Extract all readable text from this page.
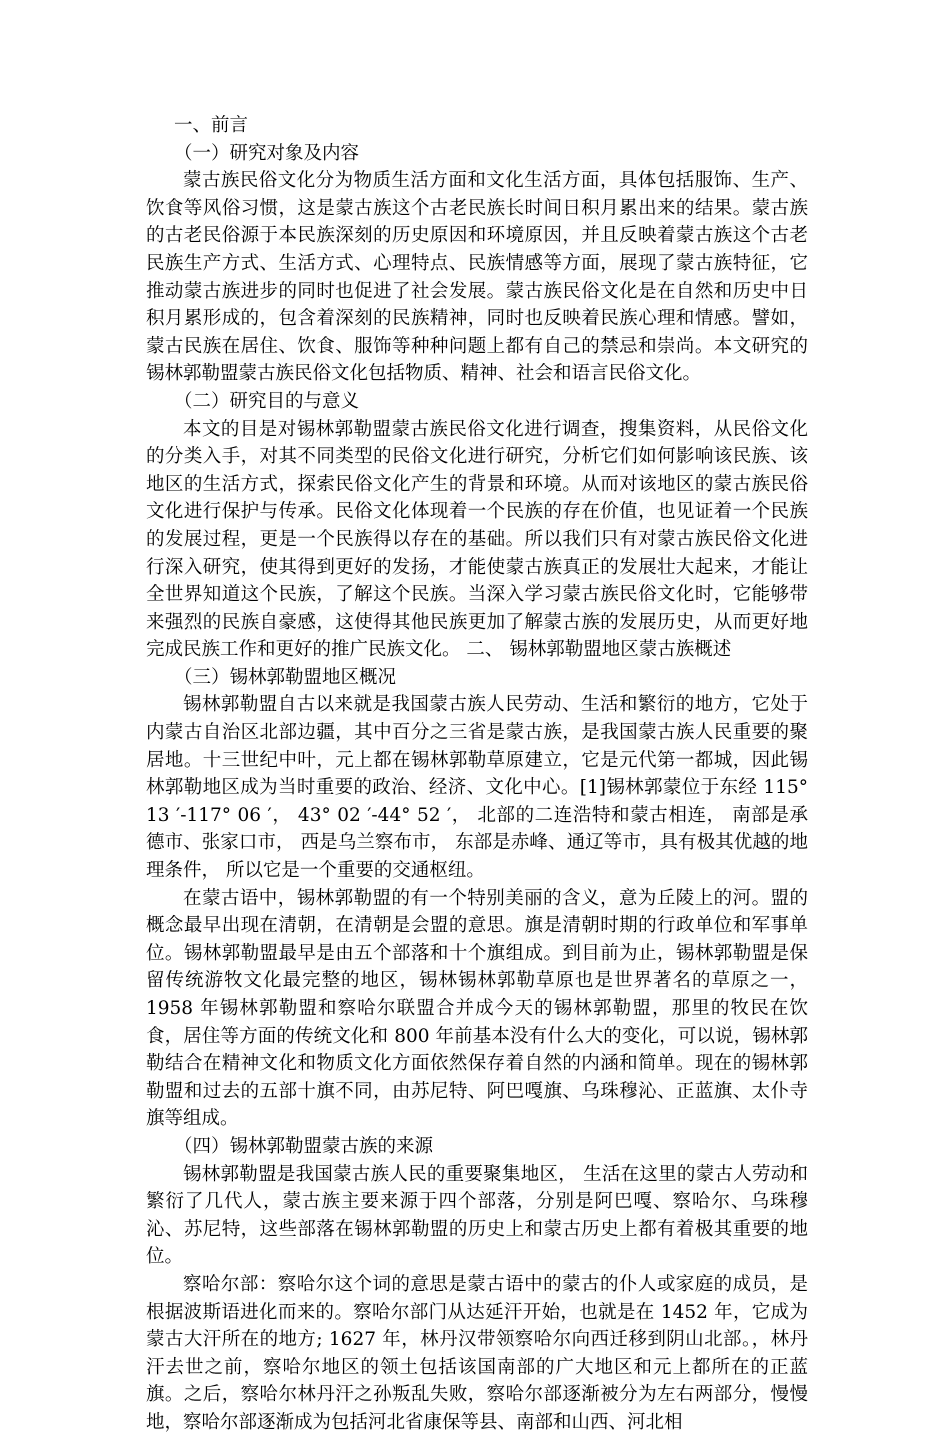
一、前言

（一）研究对象及内容

蒙古族民俗文化分为物质生活方面和文化生活方面，具体包括服饰、生产、饮食等风俗习惯，这是蒙古族这个古老民族长时间日积月累出来的结果。蒙古族的古老民俗源于本民族深刻的历史原因和环境原因，并且反映着蒙古族这个古老民族生产方式、生活方式、心理特点、民族情感等方面，展现了蒙古族特征，它推动蒙古族进步的同时也促进了社会发展。蒙古族民俗文化是在自然和历史中日积月累形成的，包含着深刻的民族精神，同时也反映着民族心理和情感。譬如，蒙古民族在居住、饮食、服饰等种种问题上都有自己的禁忌和崇尚。本文研究的锡林郭勒盟蒙古族民俗文化包括物质、精神、社会和语言民俗文化。

（二）研究目的与意义

本文的目是对锡林郭勒盟蒙古族民俗文化进行调查，搜集资料，从民俗文化的分类入手，对其不同类型的民俗文化进行研究，分析它们如何影响该民族、该地区的生活方式，探索民俗文化产生的背景和环境。从而对该地区的蒙古族民俗文化进行保护与传承。民俗文化体现着一个民族的存在价值，也见证着一个民族的发展过程，更是一个民族得以存在的基础。所以我们只有对蒙古族民俗文化进行深入研究，使其得到更好的发扬，才能使蒙古族真正的发展壮大起来，才能让全世界知道这个民族，了解这个民族。当深入学习蒙古族民俗文化时，它能够带来强烈的民族自豪感，这使得其他民族更加了解蒙古族的发展历史，从而更好地完成民族工作和更好的推广民族文化。 二、 锡林郭勒盟地区蒙古族概述

（三）锡林郭勒盟地区概况

锡林郭勒盟自古以来就是我国蒙古族人民劳动、生活和繁衍的地方，它处于内蒙古自治区北部边疆，其中百分之三省是蒙古族，是我国蒙古族人民重要的聚居地。十三世纪中叶，元上都在锡林郭勒草原建立，它是元代第一都城，因此锡林郭勒地区成为当时重要的政治、经济、文化中心。[1]锡林郭蒙位于东经 115° 13 ′-117° 06 ′， 43° 02 ′-44° 52 ′， 北部的二连浩特和蒙古相连， 南部是承德市、张家口市， 西是乌兰察布市， 东部是赤峰、通辽等市，具有极其优越的地理条件， 所以它是一个重要的交通枢纽。

在蒙古语中，锡林郭勒盟的有一个特别美丽的含义，意为丘陵上的河。盟的概念最早出现在清朝，在清朝是会盟的意思。旗是清朝时期的行政单位和军事单位。锡林郭勒盟最早是由五个部落和十个旗组成。到目前为止，锡林郭勒盟是保留传统游牧文化最完整的地区，锡林锡林郭勒草原也是世界著名的草原之一，1958 年锡林郭勒盟和察哈尔联盟合并成今天的锡林郭勒盟，那里的牧民在饮食，居住等方面的传统文化和 800 年前基本没有什么大的变化，可以说，锡林郭勒结合在精神文化和物质文化方面依然保存着自然的内涵和简单。现在的锡林郭勒盟和过去的五部十旗不同，由苏尼特、阿巴嘎旗、乌珠穆沁、正蓝旗、太仆寺旗等组成。

（四）锡林郭勒盟蒙古族的来源

锡林郭勒盟是我国蒙古族人民的重要聚集地区， 生活在这里的蒙古人劳动和繁衍了几代人，蒙古族主要来源于四个部落，分别是阿巴嘎、察哈尔、乌珠穆沁、苏尼特，这些部落在锡林郭勒盟的历史上和蒙古历史上都有着极其重要的地位。

察哈尔部：察哈尔这个词的意思是蒙古语中的蒙古的仆人或家庭的成员，是根据波斯语进化而来的。察哈尔部门从达延汗开始，也就是在 1452 年，它成为蒙古大汗所在的地方; 1627 年，林丹汉带领察哈尔向西迁移到阴山北部。，林丹汗去世之前，察哈尔地区的领土包括该国南部的广大地区和元上都所在的正蓝旗。之后，察哈尔林丹汗之孙叛乱失败，察哈尔部逐渐被分为左右两部分，慢慢地，察哈尔部逐渐成为包括河北省康保等县、南部和山西、河北相
